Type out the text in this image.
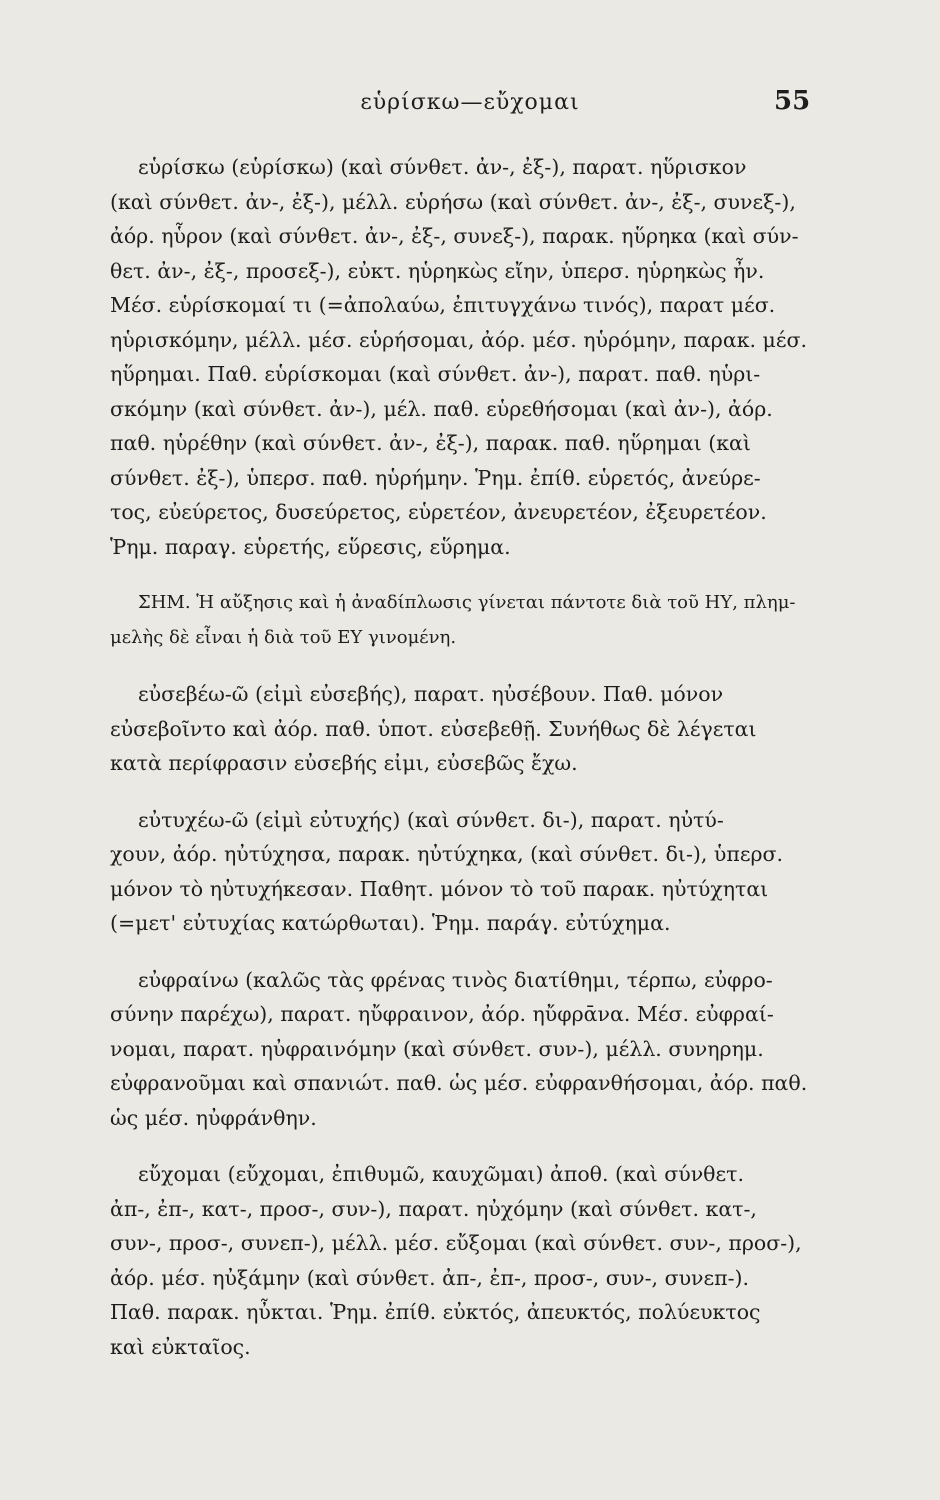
εὑρίσκω—εὔχομαι	55
εὑρίσκω (εὑρίσκω) (καὶ σύνθετ. ἀν-, ἐξ-), παρατ. ηὕρισκον
(καὶ σύνθετ. ἀν-, ἐξ-), μέλλ. εὑρήσω (καὶ σύνθετ. ἀν-, ἐξ-, συνεξ-),
ἀόρ. ηὗρον (καὶ σύνθετ. ἀν-, ἐξ-, συνεξ-), παρακ. ηὕρηκα (καὶ σύν-
θετ. ἀν-, ἐξ-, προσεξ-), εὐκτ. ηὑρηκὼς εἴην, ὑπερσ. ηὑρηκὼς ἦν.
Μέσ. εὑρίσκομαί τι (=ἀπολαύω, ἐπιτυγχάνω τινός), παρατ μέσ.
ηὑρισκόμην, μέλλ. μέσ. εὑρήσομαι, ἀόρ. μέσ. ηὑρόμην, παρακ. μέσ.
ηὕρημαι. Παθ. εὑρίσκομαι (καὶ σύνθετ. ἀν-), παρατ. παθ. ηὑρι-
σκόμην (καὶ σύνθετ. ἀν-), μέλ. παθ. εὑρεθήσομαι (καὶ ἀν-), ἀόρ.
παθ. ηὑρέθην (καὶ σύνθετ. ἀν-, ἐξ-), παρακ. παθ. ηὕρημαι (καὶ
σύνθετ. ἐξ-), ὑπερσ. παθ. ηὑρήμην. Ῥημ. ἐπίθ. εὑρετός, ἀνεύρε-
τος, εὐεύρετος, δυσεύρετος, εὑρετέον, ἀνευρετέον, ἐξευρετέον.
Ῥημ. παραγ. εὑρετής, εὕρεσις, εὕρημα.
ΣΗΜ. Ἡ αὔξησις καὶ ἡ ἀναδίπλωσις γίνεται πάντοτε διὰ τοῦ ΗΥ, πλημ-
μελὴς δὲ εἶναι ἡ διὰ τοῦ ΕΥ γινομένη.
εὐσεβέω-ῶ (εἰμὶ εὐσεβής), παρατ. ηὐσέβουν. Παθ. μόνον
εὐσεβοῖντο καὶ ἀόρ. παθ. ὑποτ. εὐσεβεθῇ. Συνήθως δὲ λέγεται
κατὰ περίφρασιν εὐσεβής εἰμι, εὐσεβῶς ἔχω.
εὐτυχέω-ῶ (εἰμὶ εὐτυχής) (καὶ σύνθετ. δι-), παρατ. ηὐτύ-
χουν, ἀόρ. ηὐτύχησα, παρακ. ηὐτύχηκα, (καὶ σύνθετ. δι-), ὑπερσ.
μόνον τὸ ηὐτυχήκεσαν. Παθητ. μόνον τὸ τοῦ παρακ. ηὐτύχηται
(=μετ' εὐτυχίας κατώρθωται). Ῥημ. παράγ. εὐτύχημα.
εὐφραίνω (καλῶς τὰς φρένας τινὸς διατίθημι, τέρπω, εὐφρο-
σύνην παρέχω), παρατ. ηὔφραινον, ἀόρ. ηὔφρᾱνα. Μέσ. εὐφραί-
νομαι, παρατ. ηὐφραινόμην (καὶ σύνθετ. συν-), μέλλ. συνηρημ.
εὐφρανοῦμαι καὶ σπανιώτ. παθ. ὡς μέσ. εὐφρανθήσομαι, ἀόρ. παθ.
ὡς μέσ. ηὐφράνθην.
εὔχομαι (εὔχομαι, ἐπιθυμῶ, καυχῶμαι) ἀποθ. (καὶ σύνθετ.
ἀπ-, ἐπ-, κατ-, προσ-, συν-), παρατ. ηὐχόμην (καὶ σύνθετ. κατ-,
συν-, προσ-, συνεπ-), μέλλ. μέσ. εὔξομαι (καὶ σύνθετ. συν-, προσ-),
ἀόρ. μέσ. ηὐξάμην (καὶ σύνθετ. ἀπ-, ἐπ-, προσ-, συν-, συνεπ-).
Παθ. παρακ. ηὖκται. Ῥημ. ἐπίθ. εὐκτός, ἀπευκτός, πολύευκτος
καὶ εὐκταῖος.
